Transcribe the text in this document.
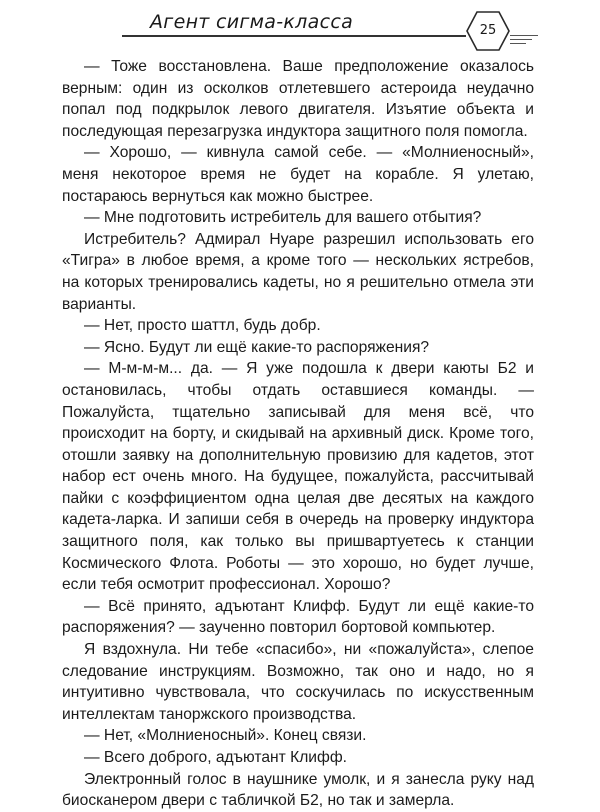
Агент сигма-класса	25

— Тоже восстановлена. Ваше предположение оказалось верным: один из осколков отлетевшего астероида неудачно попал под подкрылок левого двигателя. Изъятие объекта и последующая перезагрузка индуктора защитного поля помогла.

— Хорошо, — кивнула самой себе. — «Молниеносный», меня некоторое время не будет на корабле. Я улетаю, постараюсь вернуться как можно быстрее.

— Мне подготовить истребитель для вашего отбытия?

Истребитель? Адмирал Нуаре разрешил использовать его «Тигра» в любое время, а кроме того — нескольких ястребов, на которых тренировались кадеты, но я решительно отмела эти варианты.

— Нет, просто шаттл, будь добр.

— Ясно. Будут ли ещё какие-то распоряжения?

— М-м-м-м... да. — Я уже подошла к двери каюты Б2 и остановилась, чтобы отдать оставшиеся команды. — Пожалуйста, тщательно записывай для меня всё, что происходит на борту, и скидывай на архивный диск. Кроме того, отошли заявку на дополнительную провизию для кадетов, этот набор ест очень много. На будущее, пожалуйста, рассчитывай пайки с коэффициентом одна целая две десятых на каждого кадета-ларка. И запиши себя в очередь на проверку индуктора защитного поля, как только вы пришвартуетесь к станции Космического Флота. Роботы — это хорошо, но будет лучше, если тебя осмотрит профессионал. Хорошо?

— Всё принято, адъютант Клифф. Будут ли ещё какие-то распоряжения? — заученно повторил бортовой компьютер.

Я вздохнула. Ни тебе «спасибо», ни «пожалуйста», слепое следование инструкциям. Возможно, так оно и надо, но я интуитивно чувствовала, что соскучилась по искусственным интеллектам таноржского производства.

— Нет, «Молниеносный». Конец связи.

— Всего доброго, адъютант Клифф.

Электронный голос в наушнике умолк, и я занесла руку над биосканером двери с табличкой Б2, но так и замерла.
